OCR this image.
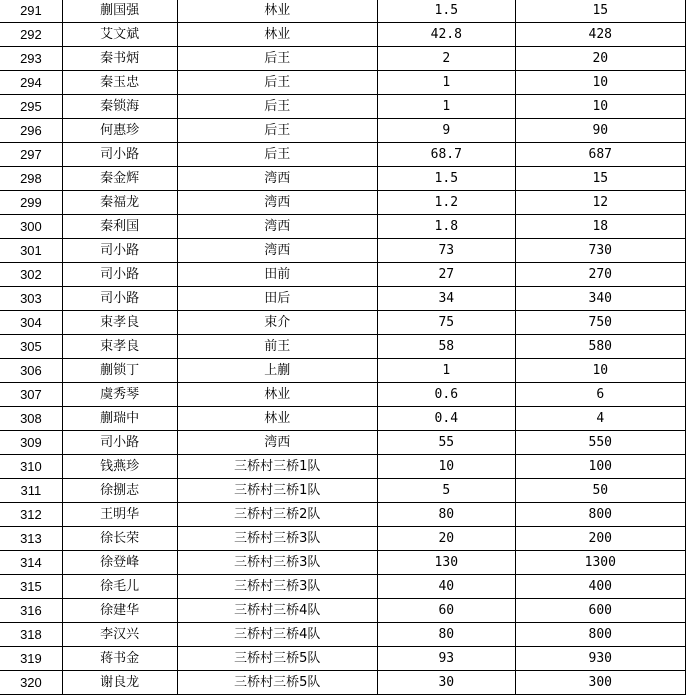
291	蒯国强	林业	1.5	15
292	艾文斌	林业	42.8	428
293	秦书炳	后王	2	20
294	秦玉忠	后王	1	10
295	秦锁海	后王	1	10
296	何惠珍	后王	9	90
297	司小路	后王	68.7	687
298	秦金辉	湾西	1.5	15
299	秦福龙	湾西	1.2	12
300	秦利国	湾西	1.8	18
301	司小路	湾西	73	730
302	司小路	田前	27	270
303	司小路	田后	34	340
304	束孝良	束介	75	750
305	束孝良	前王	58	580
306	蒯锁丁	上蒯	1	10
307	虞秀琴	林业	0.6	6
308	蒯瑞中	林业	0.4	4
309	司小路	湾西	55	550
310	钱燕珍	三桥村三桥1队	10	100
311	徐捌志	三桥村三桥1队	5	50
312	王明华	三桥村三桥2队	80	800
313	徐长荣	三桥村三桥3队	20	200
314	徐登峰	三桥村三桥3队	130	1300
315	徐毛儿	三桥村三桥3队	40	400
316	徐建华	三桥村三桥4队	60	600
318	李汉兴	三桥村三桥4队	80	800
319	蒋书金	三桥村三桥5队	93	930
320	谢良龙	三桥村三桥5队	30	300
